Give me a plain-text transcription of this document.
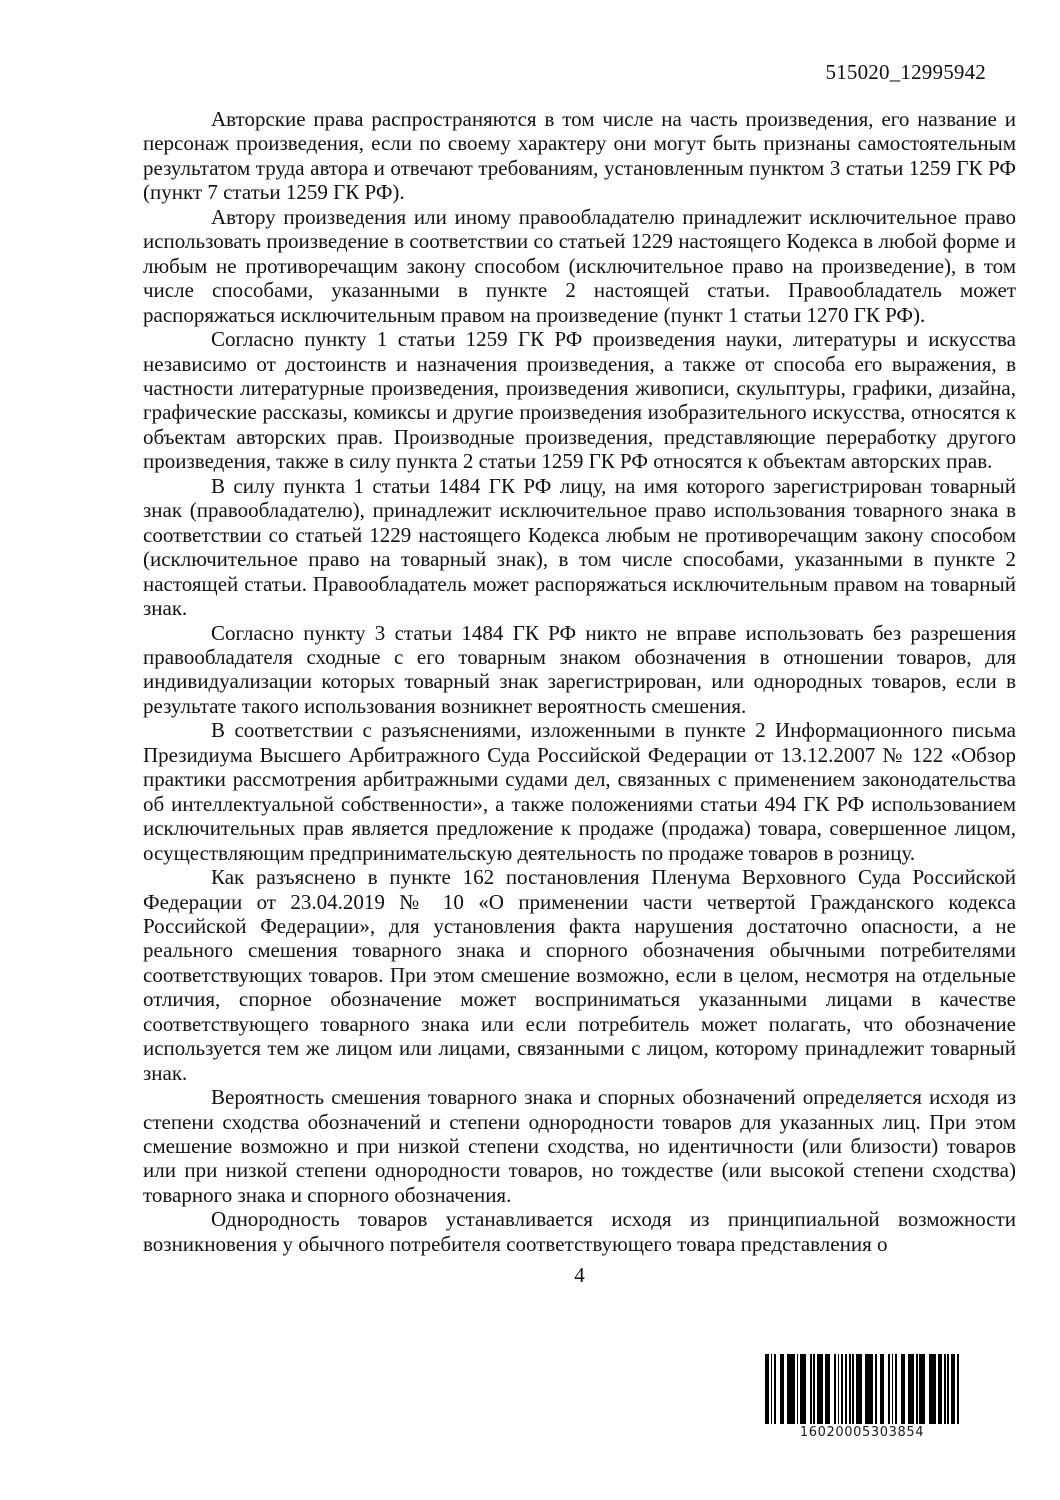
515020_12995942

Авторские права распространяются в том числе на часть произведения, его название и персонаж произведения, если по своему характеру они могут быть признаны самостоятельным результатом труда автора и отвечают требованиям, установленным пунктом 3 статьи 1259 ГК РФ (пункт 7 статьи 1259 ГК РФ).

Автору произведения или иному правообладателю принадлежит исключительное право использовать произведение в соответствии со статьей 1229 настоящего Кодекса в любой форме и любым не противоречащим закону способом (исключительное право на произведение), в том числе способами, указанными в пункте 2 настоящей статьи. Правообладатель может распоряжаться исключительным правом на произведение (пункт 1 статьи 1270 ГК РФ).

Согласно пункту 1 статьи 1259 ГК РФ произведения науки, литературы и искусства независимо от достоинств и назначения произведения, а также от способа его выражения, в частности литературные произведения, произведения живописи, скульптуры, графики, дизайна, графические рассказы, комиксы и другие произведения изобразительного искусства, относятся к объектам авторских прав. Производные произведения, представляющие переработку другого произведения, также в силу пункта 2 статьи 1259 ГК РФ относятся к объектам авторских прав.

В силу пункта 1 статьи 1484 ГК РФ лицу, на имя которого зарегистрирован товарный знак (правообладателю), принадлежит исключительное право использования товарного знака в соответствии со статьей 1229 настоящего Кодекса любым не противоречащим закону способом (исключительное право на товарный знак), в том числе способами, указанными в пункте 2 настоящей статьи. Правообладатель может распоряжаться исключительным правом на товарный знак.

Согласно пункту 3 статьи 1484 ГК РФ никто не вправе использовать без разрешения правообладателя сходные с его товарным знаком обозначения в отношении товаров, для индивидуализации которых товарный знак зарегистрирован, или однородных товаров, если в результате такого использования возникнет вероятность смешения.

В соответствии с разъяснениями, изложенными в пункте 2 Информационного письма Президиума Высшего Арбитражного Суда Российской Федерации от 13.12.2007 № 122 «Обзор практики рассмотрения арбитражными судами дел, связанных с применением законодательства об интеллектуальной собственности», а также положениями статьи 494 ГК РФ использованием исключительных прав является предложение к продаже (продажа) товара, совершенное лицом, осуществляющим предпринимательскую деятельность по продаже товаров в розницу.

Как разъяснено в пункте 162 постановления Пленума Верховного Суда Российской Федерации от 23.04.2019 № 10 «О применении части четвертой Гражданского кодекса Российской Федерации», для установления факта нарушения достаточно опасности, а не реального смешения товарного знака и спорного обозначения обычными потребителями соответствующих товаров. При этом смешение возможно, если в целом, несмотря на отдельные отличия, спорное обозначение может восприниматься указанными лицами в качестве соответствующего товарного знака или если потребитель может полагать, что обозначение используется тем же лицом или лицами, связанными с лицом, которому принадлежит товарный знак.

Вероятность смешения товарного знака и спорных обозначений определяется исходя из степени сходства обозначений и степени однородности товаров для указанных лиц. При этом смешение возможно и при низкой степени сходства, но идентичности (или близости) товаров или при низкой степени однородности товаров, но тождестве (или высокой степени сходства) товарного знака и спорного обозначения.

Однородность товаров устанавливается исходя из принципиальной возможности возникновения у обычного потребителя соответствующего товара представления о

4
16020005303854
